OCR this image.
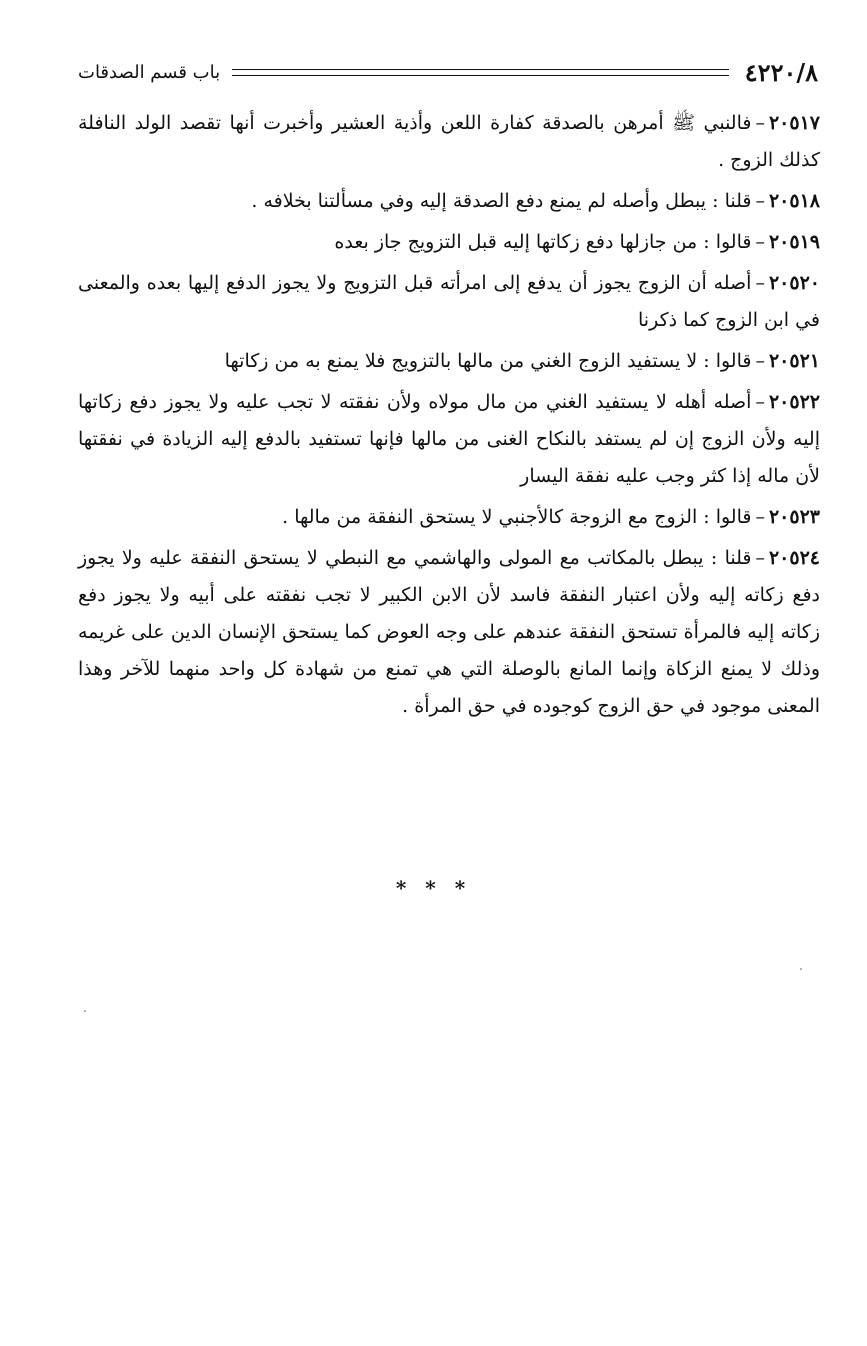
٤٢٢٠/٨
باب قسم الصدقات

٢٠٥١٧–فالنبي ﷺ أمرهن بالصدقة كفارة اللعن وأذية العشير وأخبرت أنها تقصد الولد النافلة كذلك الزوج .

٢٠٥١٨–قلنا : يبطل وأصله لم يمنع دفع الصدقة إليه وفي مسألتنا بخلافه .

٢٠٥١٩–قالوا : من جازلها دفع زكاتها إليه قبل التزويج جاز بعده

٢٠٥٢٠–أصله أن الزوج يجوز أن يدفع إلى امرأته قبل التزويج ولا يجوز الدفع إليها بعده والمعنى في ابن الزوج كما ذكرنا

٢٠٥٢١–قالوا : لا يستفيد الزوج الغني من مالها بالتزويج فلا يمنع به من زكاتها

٢٠٥٢٢–أصله أهله لا يستفيد الغني من مال مولاه ولأن نفقته لا تجب عليه ولا يجوز دفع زكاتها إليه ولأن الزوج إن لم يستفد بالنكاح الغنى من مالها فإنها تستفيد بالدفع إليه الزيادة في نفقتها لأن ماله إذا كثر وجب عليه نفقة اليسار

٢٠٥٢٣–قالوا : الزوج مع الزوجة كالأجنبي لا يستحق النفقة من مالها .

٢٠٥٢٤–قلنا : يبطل بالمكاتب مع المولى والهاشمي مع النبطي لا يستحق النفقة عليه ولا يجوز دفع زكاته إليه ولأن اعتبار النفقة فاسد لأن الابن الكبير لا تجب نفقته على أبيه ولا يجوز دفع زكاته إليه فالمرأة تستحق النفقة عندهم على وجه العوض كما يستحق الإنسان الدين على غريمه وذلك لا يمنع الزكاة وإنما المانع بالوصلة التي هي تمنع من شهادة كل واحد منهما للآخر وهذا المعنى موجود في حق الزوج كوجوده في حق المرأة .

* * *
